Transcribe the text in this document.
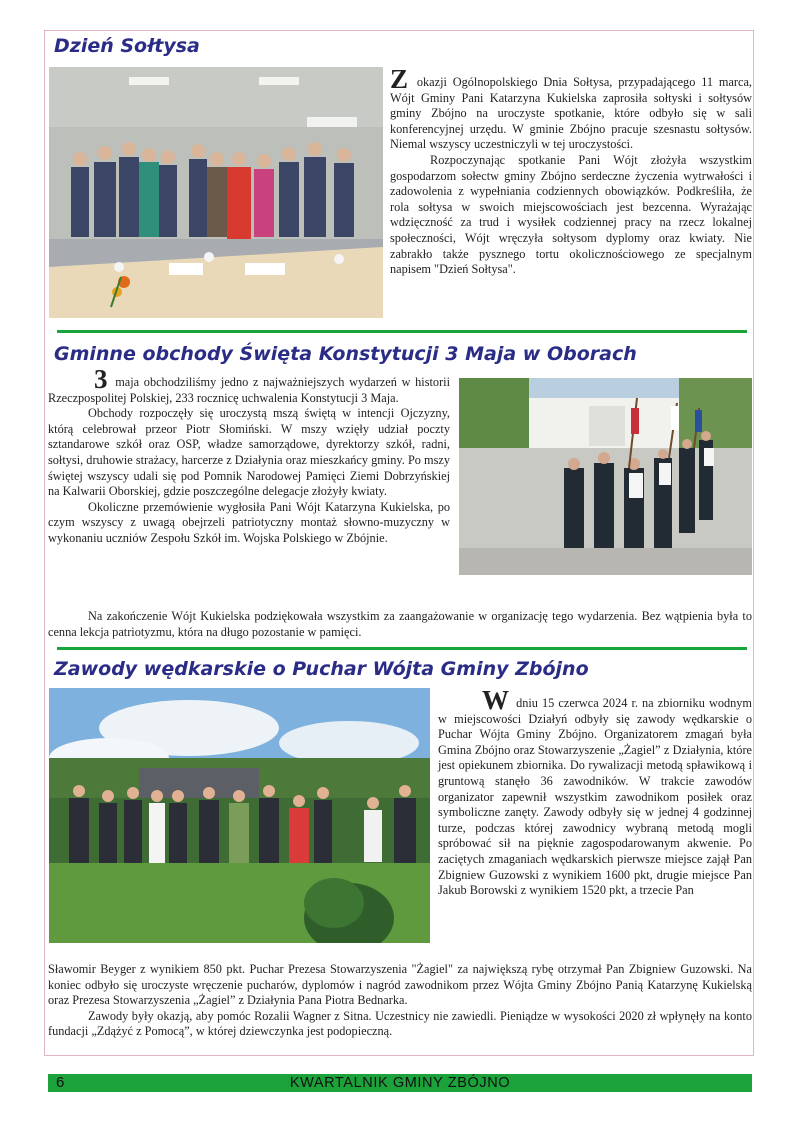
Dzień Sołtysa

Z okazji Ogólnopolskiego Dnia Sołtysa, przypadającego 11 marca, Wójt Gminy Pani Katarzyna Kukielska zaprosiła sołtyski i sołtysów gminy Zbójno na uroczyste spotkanie, które odbyło się w sali konferencyjnej urzędu. W gminie Zbójno pracuje szesnastu sołtysów. Niemal wszyscy uczestniczyli w tej uroczystości.

Rozpoczynając spotkanie Pani Wójt złożyła wszystkim gospodarzom sołectw gminy Zbójno serdeczne życzenia wytrwałości i zadowolenia z wypełniania codziennych obowiązków. Podkreśliła, że rola sołtysa w swoich miejscowościach jest bezcenna. Wyrażając wdzięczność za trud i wysiłek codziennej pracy na rzecz lokalnej społeczności, Wójt wręczyła sołtysom dyplomy oraz kwiaty. Nie zabrakło także pysznego tortu okolicznościowego ze specjalnym napisem "Dzień Sołtysa".

Gminne obchody Święta Konstytucji 3 Maja w Oborach

3 maja obchodziliśmy jedno z najważniejszych wydarzeń w historii Rzeczpospolitej Polskiej, 233 rocznicę uchwalenia Konstytucji 3 Maja.

Obchody rozpoczęły się uroczystą mszą świętą w intencji Ojczyzny, którą celebrował przeor Piotr Słomiński. W mszy wzięły udział poczty sztandarowe szkół oraz OSP, władze samorządowe, dyrektorzy szkół, radni, sołtysi, druhowie strażacy, harcerze z Działynia oraz mieszkańcy gminy. Po mszy świętej wszyscy udali się pod Pomnik Narodowej Pamięci Ziemi Dobrzyńskiej na Kalwarii Oborskiej, gdzie poszczególne delegacje złożyły kwiaty.

Okoliczne przemówienie wygłosiła Pani Wójt Katarzyna Kukielska, po czym wszyscy z uwagą obejrzeli patriotyczny montaż słowno-muzyczny w wykonaniu uczniów Zespołu Szkół im. Wojska Polskiego w Zbójnie.

Na zakończenie Wójt Kukielska podziękowała wszystkim za zaangażowanie w organizację tego wydarzenia. Bez wątpienia była to cenna lekcja patriotyzmu, która na długo pozostanie w pamięci.

Zawody wędkarskie o Puchar Wójta Gminy Zbójno

W dniu 15 czerwca 2024 r. na zbiorniku wodnym w miejscowości Działyń odbyły się zawody wędkarskie o Puchar Wójta Gminy Zbójno. Organizatorem zmagań była Gmina Zbójno oraz Stowarzyszenie „Żagiel” z Działynia, które jest opiekunem zbiornika. Do rywalizacji metodą spławikową i gruntową stanęło 36 zawodników. W trakcie zawodów organizator zapewnił wszystkim zawodnikom posiłek oraz symboliczne zanęty. Zawody odbyły się w jednej 4 godzinnej turze, podczas której zawodnicy wybraną metodą mogli spróbować sił na pięknie zagospodarowanym akwenie. Po zaciętych zmaganiach wędkarskich pierwsze miejsce zajął Pan Zbigniew Guzowski z wynikiem 1600 pkt, drugie miejsce Pan Jakub Borowski z wynikiem 1520 pkt, a trzecie Pan

Sławomir Beyger z wynikiem 850 pkt. Puchar Prezesa Stowarzyszenia "Żagiel" za największą rybę otrzymał Pan Zbigniew Guzowski. Na koniec odbyło się uroczyste wręczenie pucharów, dyplomów i nagród zawodnikom przez Wójta Gminy Zbójno Panią Katarzynę Kukielską oraz Prezesa Stowarzyszenia „Żagiel” z Działynia Pana Piotra Bednarka.

Zawody były okazją, aby pomóc Rozalii Wagner z Sitna. Uczestnicy nie zawiedli. Pieniądze w wysokości 2020 zł wpłynęły na konto fundacji „Zdążyć z Pomocą”, w której dziewczynka jest podopieczną.

6	KWARTALNIK GMINY ZBÓJNO
